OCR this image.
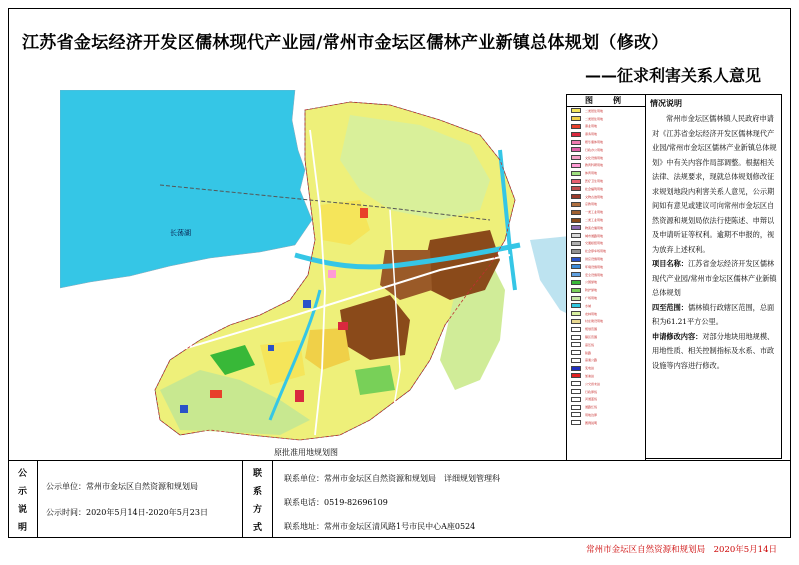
江苏省金坛经济开发区儒林现代产业园/常州市金坛区儒林产业新镇总体规划（修改）
——征求利害关系人意见
长荡湖
图　例
二类居住用地
二类居住用地
商业用地
商务用地
娱乐康体用地
行政办公用地
文化设施用地
教育科研用地
体育用地
医疗卫生用地
社会福利用地
文物古迹用地
宗教用地
一类工业用地
二类工业用地
物流仓储用地
城市道路用地
交通枢纽用地
社会停车场用地
供应设施用地
环境设施用地
安全设施用地
公园绿地
防护绿地
广场用地
水域
农林用地
村庄建设用地
规划范围
镇区范围
高压线
铁路
高速公路
变电站
加油站
公交首末站
行政界线
河道蓝线
道路红线
用地边界
图例说明
情况说明
常州市金坛区儒林镇人民政府申请对《江苏省金坛经济开发区儒林现代产业园/常州市金坛区儒林产业新镇总体规划》中有关内容作局部调整。根据相关法律、法规要求，现就总体规划修改征求规划地段内利害关系人意见，公示期间如有意见或建议可向常州市金坛区自然资源和规划局依法行使陈述、申辩以及申请听证等权利。逾期不申报的，视为放弃上述权利。
项目名称：江苏省金坛经济开发区儒林现代产业园/常州市金坛区儒林产业新镇总体规划
四至范围：儒林镇行政辖区范围，总面积为61.21平方公里。
申请修改内容：对部分地块用地规模、用地性质、相关控制指标及水系、市政设施等内容进行修改。
原批准用地规划图
公示说明
公示单位：常州市金坛区自然资源和规划局
公示时间：2020年5月14日-2020年5月23日
联系方式
联系单位：常州市金坛区自然资源和规划局　详细规划管理科
联系电话：0519-82696109
联系地址：常州市金坛区清风路1号市民中心A座0524
常州市金坛区自然资源和规划局　2020年5月14日
